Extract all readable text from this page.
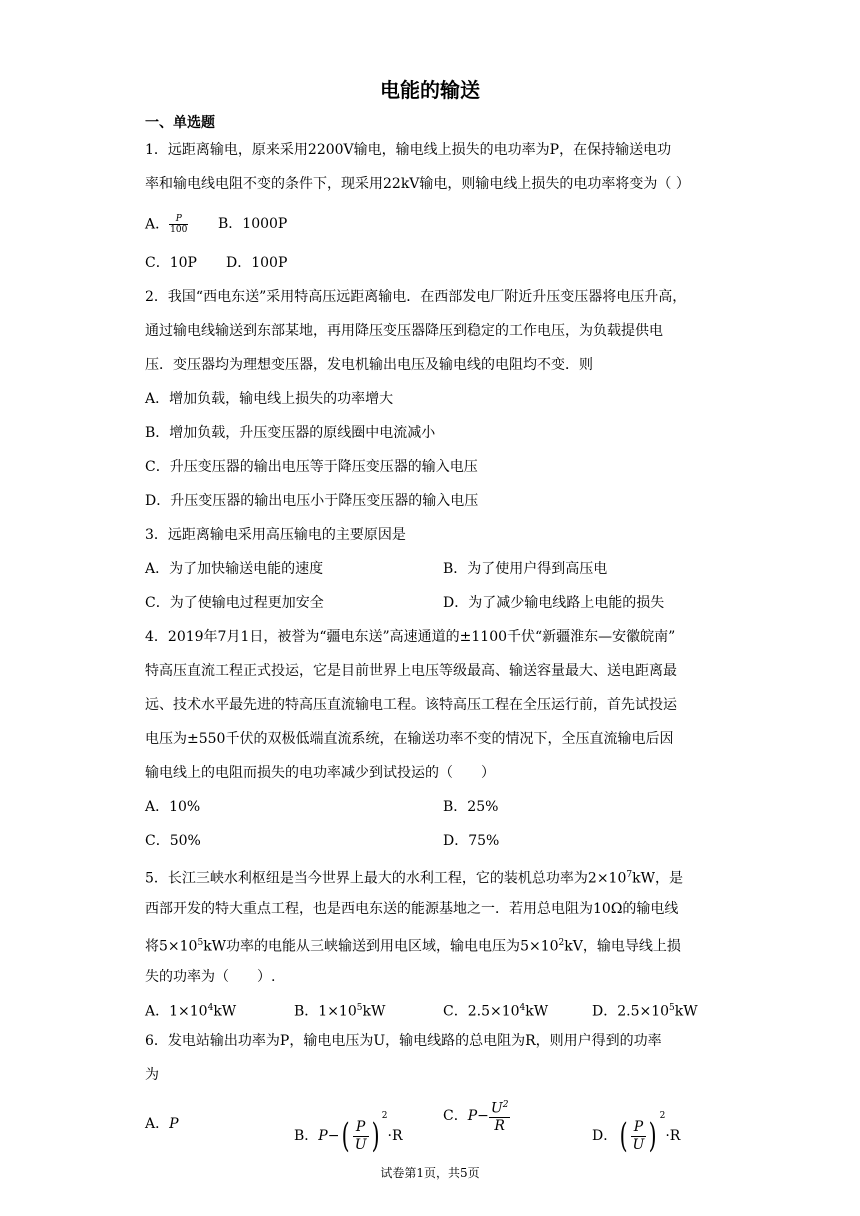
电能的输送
一、单选题
1．远距离输电，原来采用2200V输电，输电线上损失的电功率为P，在保持输送电功
率和输电线电阻不变的条件下，现采用22kV输电，则输电线上损失的电功率将变为（ ）
A． $\frac{P}{100}$ B．1000P
C．10P D．100P
2．我国“西电东送”采用特高压远距离输电．在西部发电厂附近升压变压器将电压升高，
通过输电线输送到东部某地，再用降压变压器降压到稳定的工作电压，为负载提供电
压．变压器均为理想变压器，发电机输出电压及输电线的电阻均不变．则
A．增加负载，输电线上损失的功率增大
B．增加负载，升压变压器的原线圈中电流减小
C．升压变压器的输出电压等于降压变压器的输入电压
D．升压变压器的输出电压小于降压变压器的输入电压
3．远距离输电采用高压输电的主要原因是
A．为了加快输送电能的速度	B．为了使用户得到高压电
C．为了使输电过程更加安全	D．为了减少输电线路上电能的损失
4．2019年7月1日，被誉为“疆电东送”高速通道的±1100千伏“新疆淮东—安徽皖南”
特高压直流工程正式投运，它是目前世界上电压等级最高、输送容量最大、送电距离最
远、技术水平最先进的特高压直流输电工程。该特高压工程在全压运行前，首先试投运
电压为±550千伏的双极低端直流系统，在输送功率不变的情况下，全压直流输电后因
输电线上的电阻而损失的电功率减少到试投运的（　　）
A．10%	B．25%
C．50%	D．75%
5．长江三峡水利枢纽是当今世界上最大的水利工程，它的装机总功率为$2\times 10^7kW$，是
西部开发的特大重点工程，也是西电东送的能源基地之一．若用总电阻为10Ω的输电线
将$5\times 10^5kW$功率的电能从三峡输送到用电区域，输电电压为$5\times 10^2kV$，输电导线上损
失的功率为（　　）.
A．$1\times 10^4kW$	B．$1\times 10^5kW$	C．$2.5\times 10^4kW$	D．$2.5\times 10^5kW$
6．发电站输出功率为P，输电电压为U，输电线路的总电阻为R，则用户得到的功率
为
A．P
B．$P-( \frac{P}{U}$ ) $^2$·R
C．$P- \frac{U^2}{R}$
D．( $\frac{P}{U}$ ) $^2$·R
试卷第1页，共5页
